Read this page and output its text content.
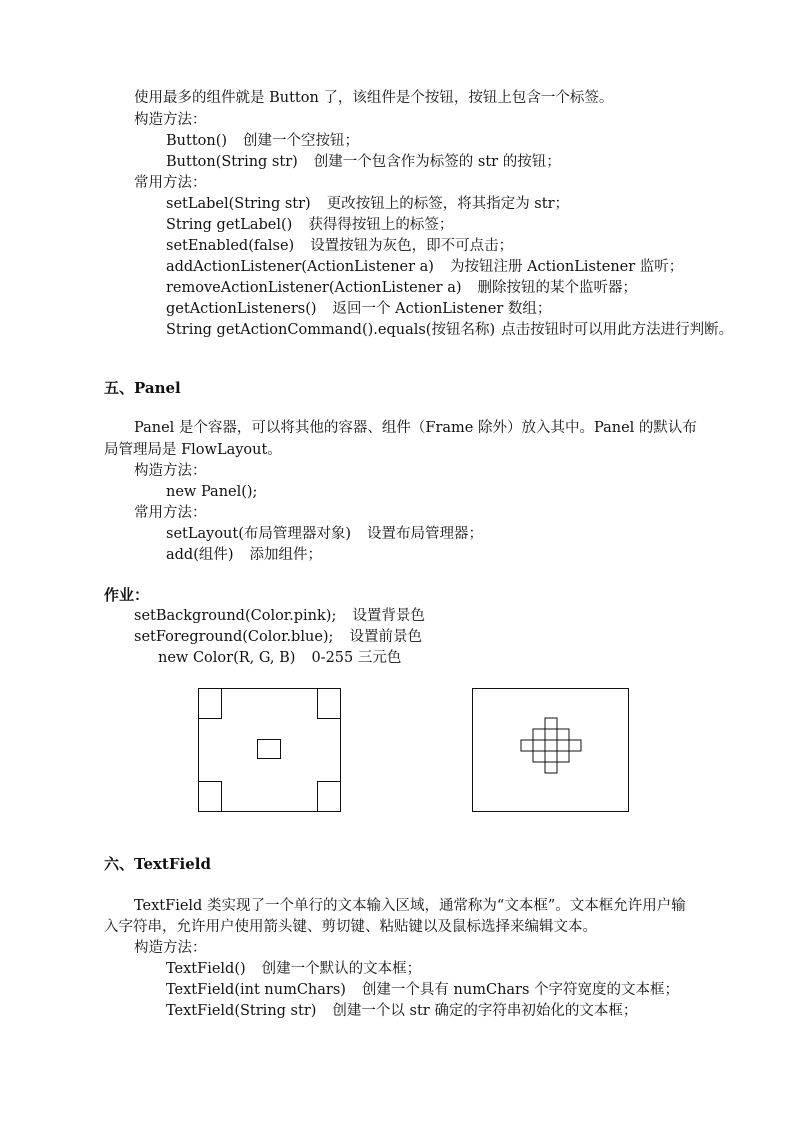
使用最多的组件就是 Button 了，该组件是个按钮，按钮上包含一个标签。
构造方法：
Button() 创建一个空按钮；
Button(String str) 创建一个包含作为标签的 str 的按钮；
常用方法：
setLabel(String str) 更改按钮上的标签，将其指定为 str；
String getLabel() 获得得按钮上的标签；
setEnabled(false) 设置按钮为灰色，即不可点击；
addActionListener(ActionListener a) 为按钮注册 ActionListener 监听；
removeActionListener(ActionListener a) 删除按钮的某个监听器；
getActionListeners() 返回一个 ActionListener 数组；
String getActionCommand().equals(按钮名称) 点击按钮时可以用此方法进行判断。
五、Panel
Panel 是个容器，可以将其他的容器、组件（Frame 除外）放入其中。Panel 的默认布
局管理局是 FlowLayout。
构造方法：
new Panel();
常用方法：
setLayout(布局管理器对象) 设置布局管理器；
add(组件) 添加组件；
作业：
setBackground(Color.pink); 设置背景色
setForeground(Color.blue); 设置前景色
new Color(R, G, B) 0-255 三元色
六、TextField
TextField 类实现了一个单行的文本输入区域，通常称为“文本框”。文本框允许用户输
入字符串，允许用户使用箭头键、剪切键、粘贴键以及鼠标选择来编辑文本。
构造方法：
TextField() 创建一个默认的文本框；
TextField(int numChars) 创建一个具有 numChars 个字符宽度的文本框；
TextField(String str) 创建一个以 str 确定的字符串初始化的文本框；
